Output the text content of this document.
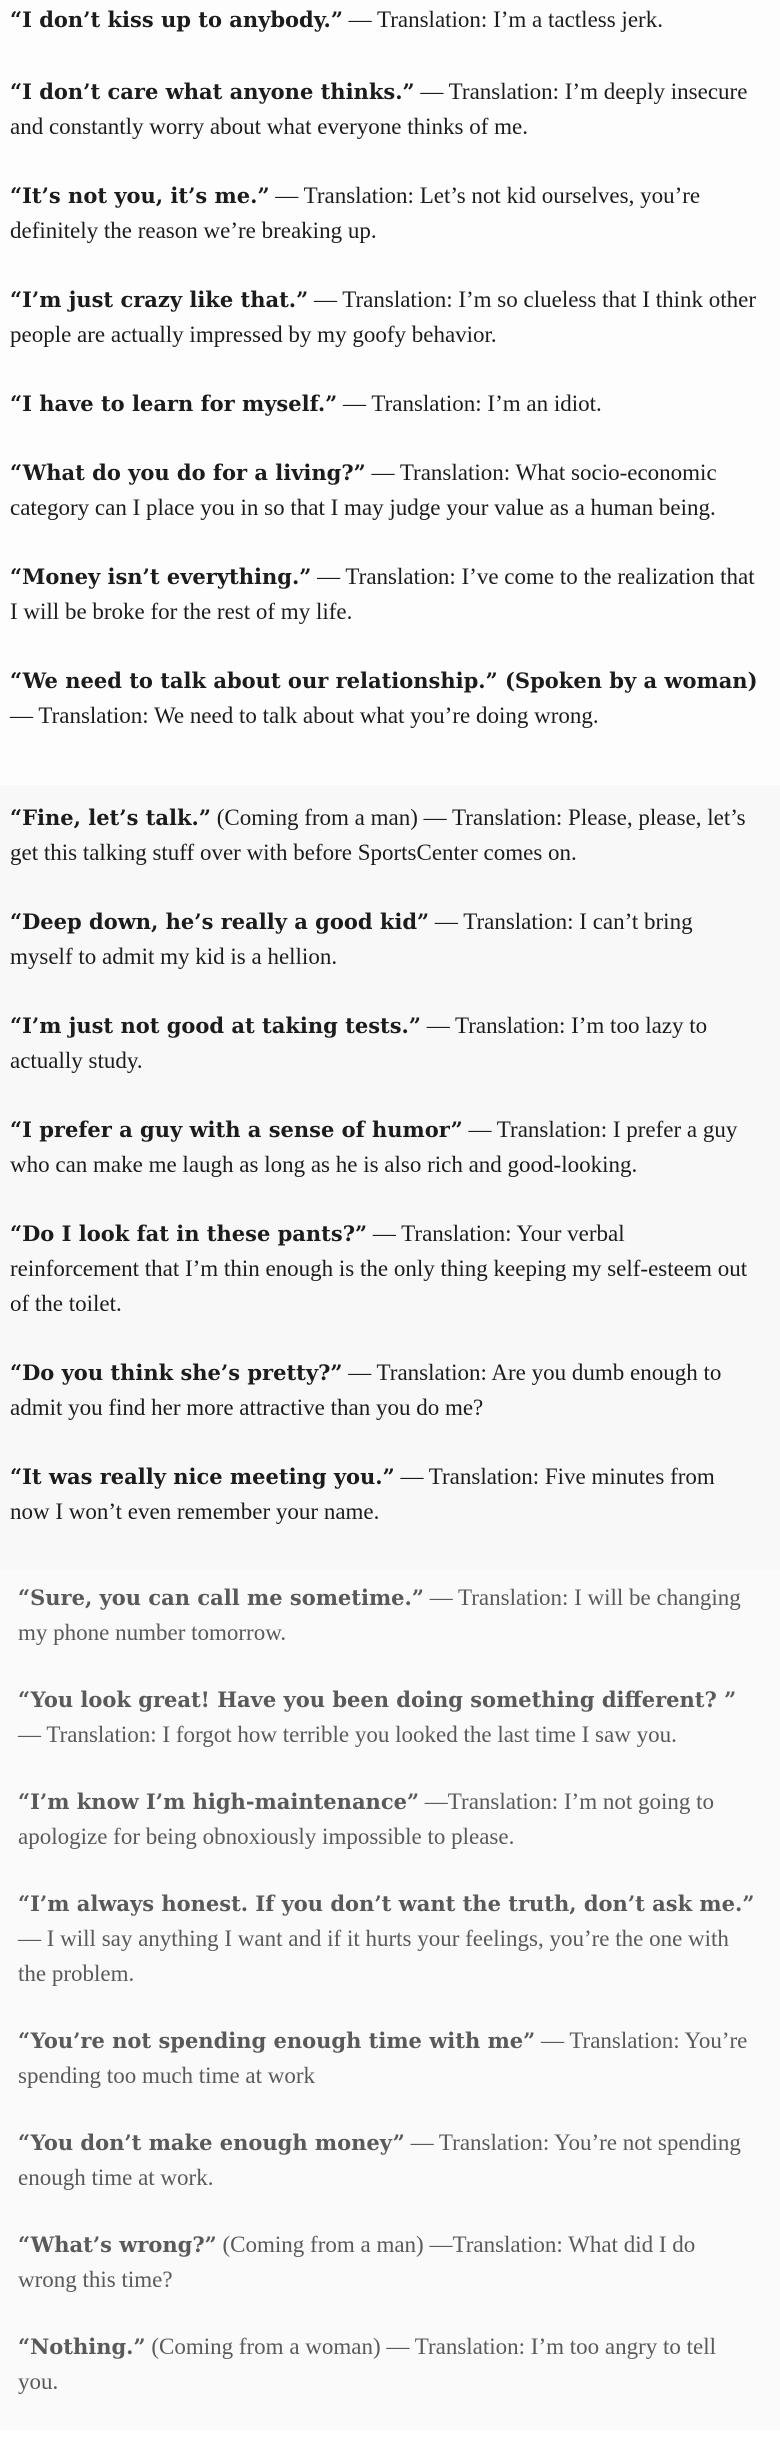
“I don’t kiss up to anybody.” — Translation: I’m a tactless jerk.

“I don’t care what anyone thinks.” — Translation: I’m deeply insecure and constantly worry about what everyone thinks of me.

“It’s not you, it’s me.” — Translation: Let’s not kid ourselves, you’re definitely the reason we’re breaking up.

“I’m just crazy like that.” — Translation: I’m so clueless that I think other people are actually impressed by my goofy behavior.

“I have to learn for myself.” — Translation: I’m an idiot.

“What do you do for a living?” — Translation: What socio-economic category can I place you in so that I may judge your value as a human being.

“Money isn’t everything.” — Translation: I’ve come to the realization that I will be broke for the rest of my life.

“We need to talk about our relationship.” (Spoken by a woman) — Translation: We need to talk about what you’re doing wrong.

“Fine, let’s talk.” (Coming from a man) — Translation: Please, please, let’s get this talking stuff over with before SportsCenter comes on.

“Deep down, he’s really a good kid” — Translation: I can’t bring myself to admit my kid is a hellion.

“I’m just not good at taking tests.” — Translation: I’m too lazy to actually study.

“I prefer a guy with a sense of humor” — Translation: I prefer a guy who can make me laugh as long as he is also rich and good-looking.

“Do I look fat in these pants?” — Translation: Your verbal reinforcement that I’m thin enough is the only thing keeping my self-esteem out of the toilet.

“Do you think she’s pretty?” — Translation: Are you dumb enough to admit you find her more attractive than you do me?

“It was really nice meeting you.” — Translation: Five minutes from now I won’t even remember your name.

“Sure, you can call me sometime.” — Translation: I will be changing my phone number tomorrow.

“You look great! Have you been doing something different? ” — Translation: I forgot how terrible you looked the last time I saw you.

“I’m know I’m high-maintenance” —Translation: I’m not going to apologize for being obnoxiously impossible to please.

“I’m always honest. If you don’t want the truth, don’t ask me.” — I will say anything I want and if it hurts your feelings, you’re the one with the problem.

“You’re not spending enough time with me” — Translation: You’re spending too much time at work

“You don’t make enough money” — Translation: You’re not spending enough time at work.

“What’s wrong?” (Coming from a man) —Translation: What did I do wrong this time?

“Nothing.” (Coming from a woman) — Translation: I’m too angry to tell you.
